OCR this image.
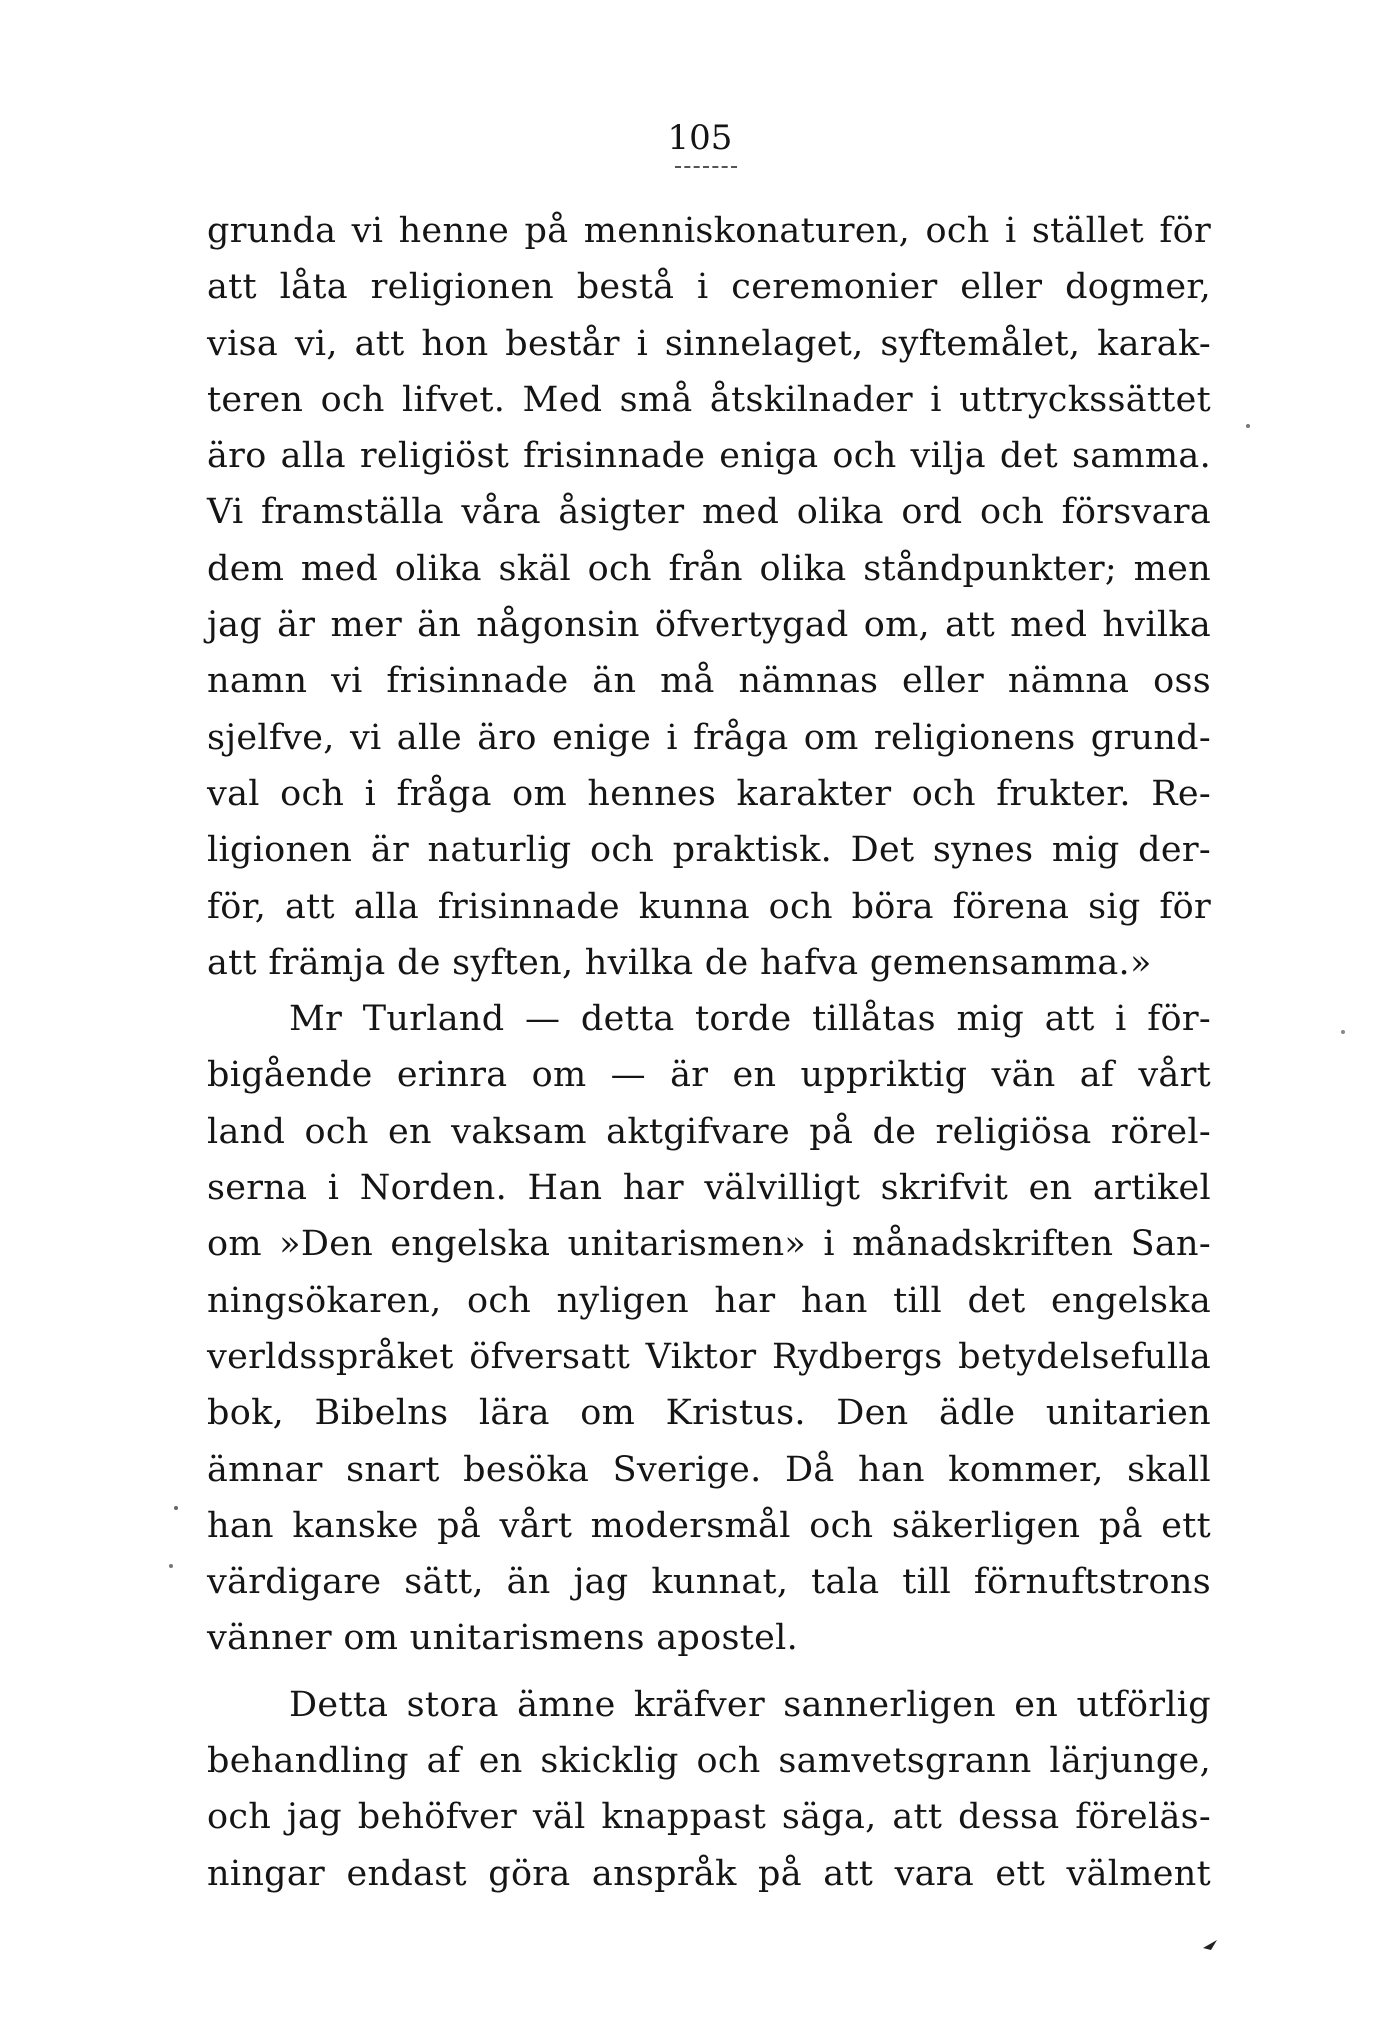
105
grunda vi henne på menniskonaturen, och i stället för
att låta religionen bestå i ceremonier eller dogmer,
visa vi, att hon består i sinnelaget, syftemålet, karak-
teren och lifvet. Med små åtskilnader i uttryckssättet
äro alla religiöst frisinnade eniga och vilja det samma.
Vi framställa våra åsigter med olika ord och försvara
dem med olika skäl och från olika ståndpunkter; men
jag är mer än någonsin öfvertygad om, att med hvilka
namn vi frisinnade än må nämnas eller nämna oss
sjelfve, vi alle äro enige i fråga om religionens grund-
val och i fråga om hennes karakter och frukter. Re-
ligionen är naturlig och praktisk. Det synes mig der-
för, att alla frisinnade kunna och böra förena sig för
att främja de syften, hvilka de hafva gemensamma.»
Mr Turland — detta torde tillåtas mig att i för-
bigående erinra om — är en uppriktig vän af vårt
land och en vaksam aktgifvare på de religiösa rörel-
serna i Norden. Han har välvilligt skrifvit en artikel
om »Den engelska unitarismen» i månadskriften San-
ningsökaren, och nyligen har han till det engelska
verldsspråket öfversatt Viktor Rydbergs betydelsefulla
bok, Bibelns lära om Kristus. Den ädle unitarien
ämnar snart besöka Sverige. Då han kommer, skall
han kanske på vårt modersmål och säkerligen på ett
värdigare sätt, än jag kunnat, tala till förnuftstrons
vänner om unitarismens apostel.
Detta stora ämne kräfver sannerligen en utförlig
behandling af en skicklig och samvetsgrann lärjunge,
och jag behöfver väl knappast säga, att dessa föreläs-
ningar endast göra anspråk på att vara ett välment
